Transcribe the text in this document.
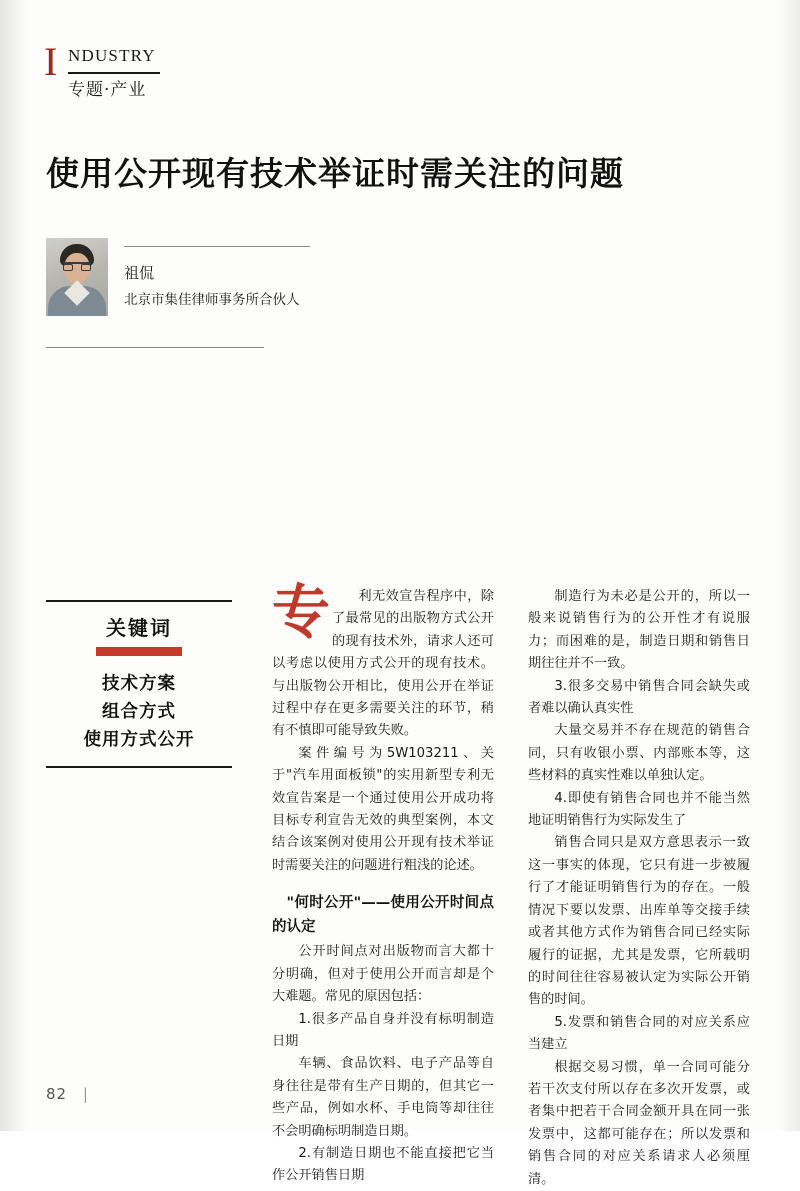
I NDUSTRY
专题·产业
使用公开现有技术举证时需关注的问题
祖侃
北京市集佳律师事务所合伙人
关键词
技术方案
组合方式
使用方式公开
专	利无效宣告程序中，除了最常见的出版物方式公开的现有技术外，请求人还可以考虑以使用方式公开的现有技术。与出版物公开相比，使用公开在举证过程中存在更多需要关注的环节，稍有不慎即可能导致失败。

案件编号为5W103211、关于"汽车用面板锁"的实用新型专利无效宣告案是一个通过使用公开成功将目标专利宣告无效的典型案例，本文结合该案例对使用公开现有技术举证时需要关注的问题进行粗浅的论述。

"何时公开"——使用公开时间点的认定

公开时间点对出版物而言大都十分明确，但对于使用公开而言却是个大难题。常见的原因包括：

1.很多产品自身并没有标明制造日期

车辆、食品饮料、电子产品等自身往往是带有生产日期的，但其它一些产品，例如水杯、手电筒等却往往不会明确标明制造日期。

2.有制造日期也不能直接把它当作公开销售日期

制造行为未必是公开的，所以一般来说销售行为的公开性才有说服力；而困难的是，制造日期和销售日期往往并不一致。

3.很多交易中销售合同会缺失或者难以确认真实性

大量交易并不存在规范的销售合同，只有收银小票、内部账本等，这些材料的真实性难以单独认定。

4.即使有销售合同也并不能当然地证明销售行为实际发生了

销售合同只是双方意思表示一致这一事实的体现，它只有进一步被履行了才能证明销售行为的存在。一般情况下要以发票、出库单等交接手续或者其他方式作为销售合同已经实际履行的证据，尤其是发票，它所载明的时间往往容易被认定为实际公开销售的时间。

5.发票和销售合同的对应关系应当建立

根据交易习惯，单一合同可能分若干次支付所以存在多次开发票，或者集中把若干合同金额开具在同一张发票中，这都可能存在；所以发票和销售合同的对应关系请求人必须厘清。

82 |
